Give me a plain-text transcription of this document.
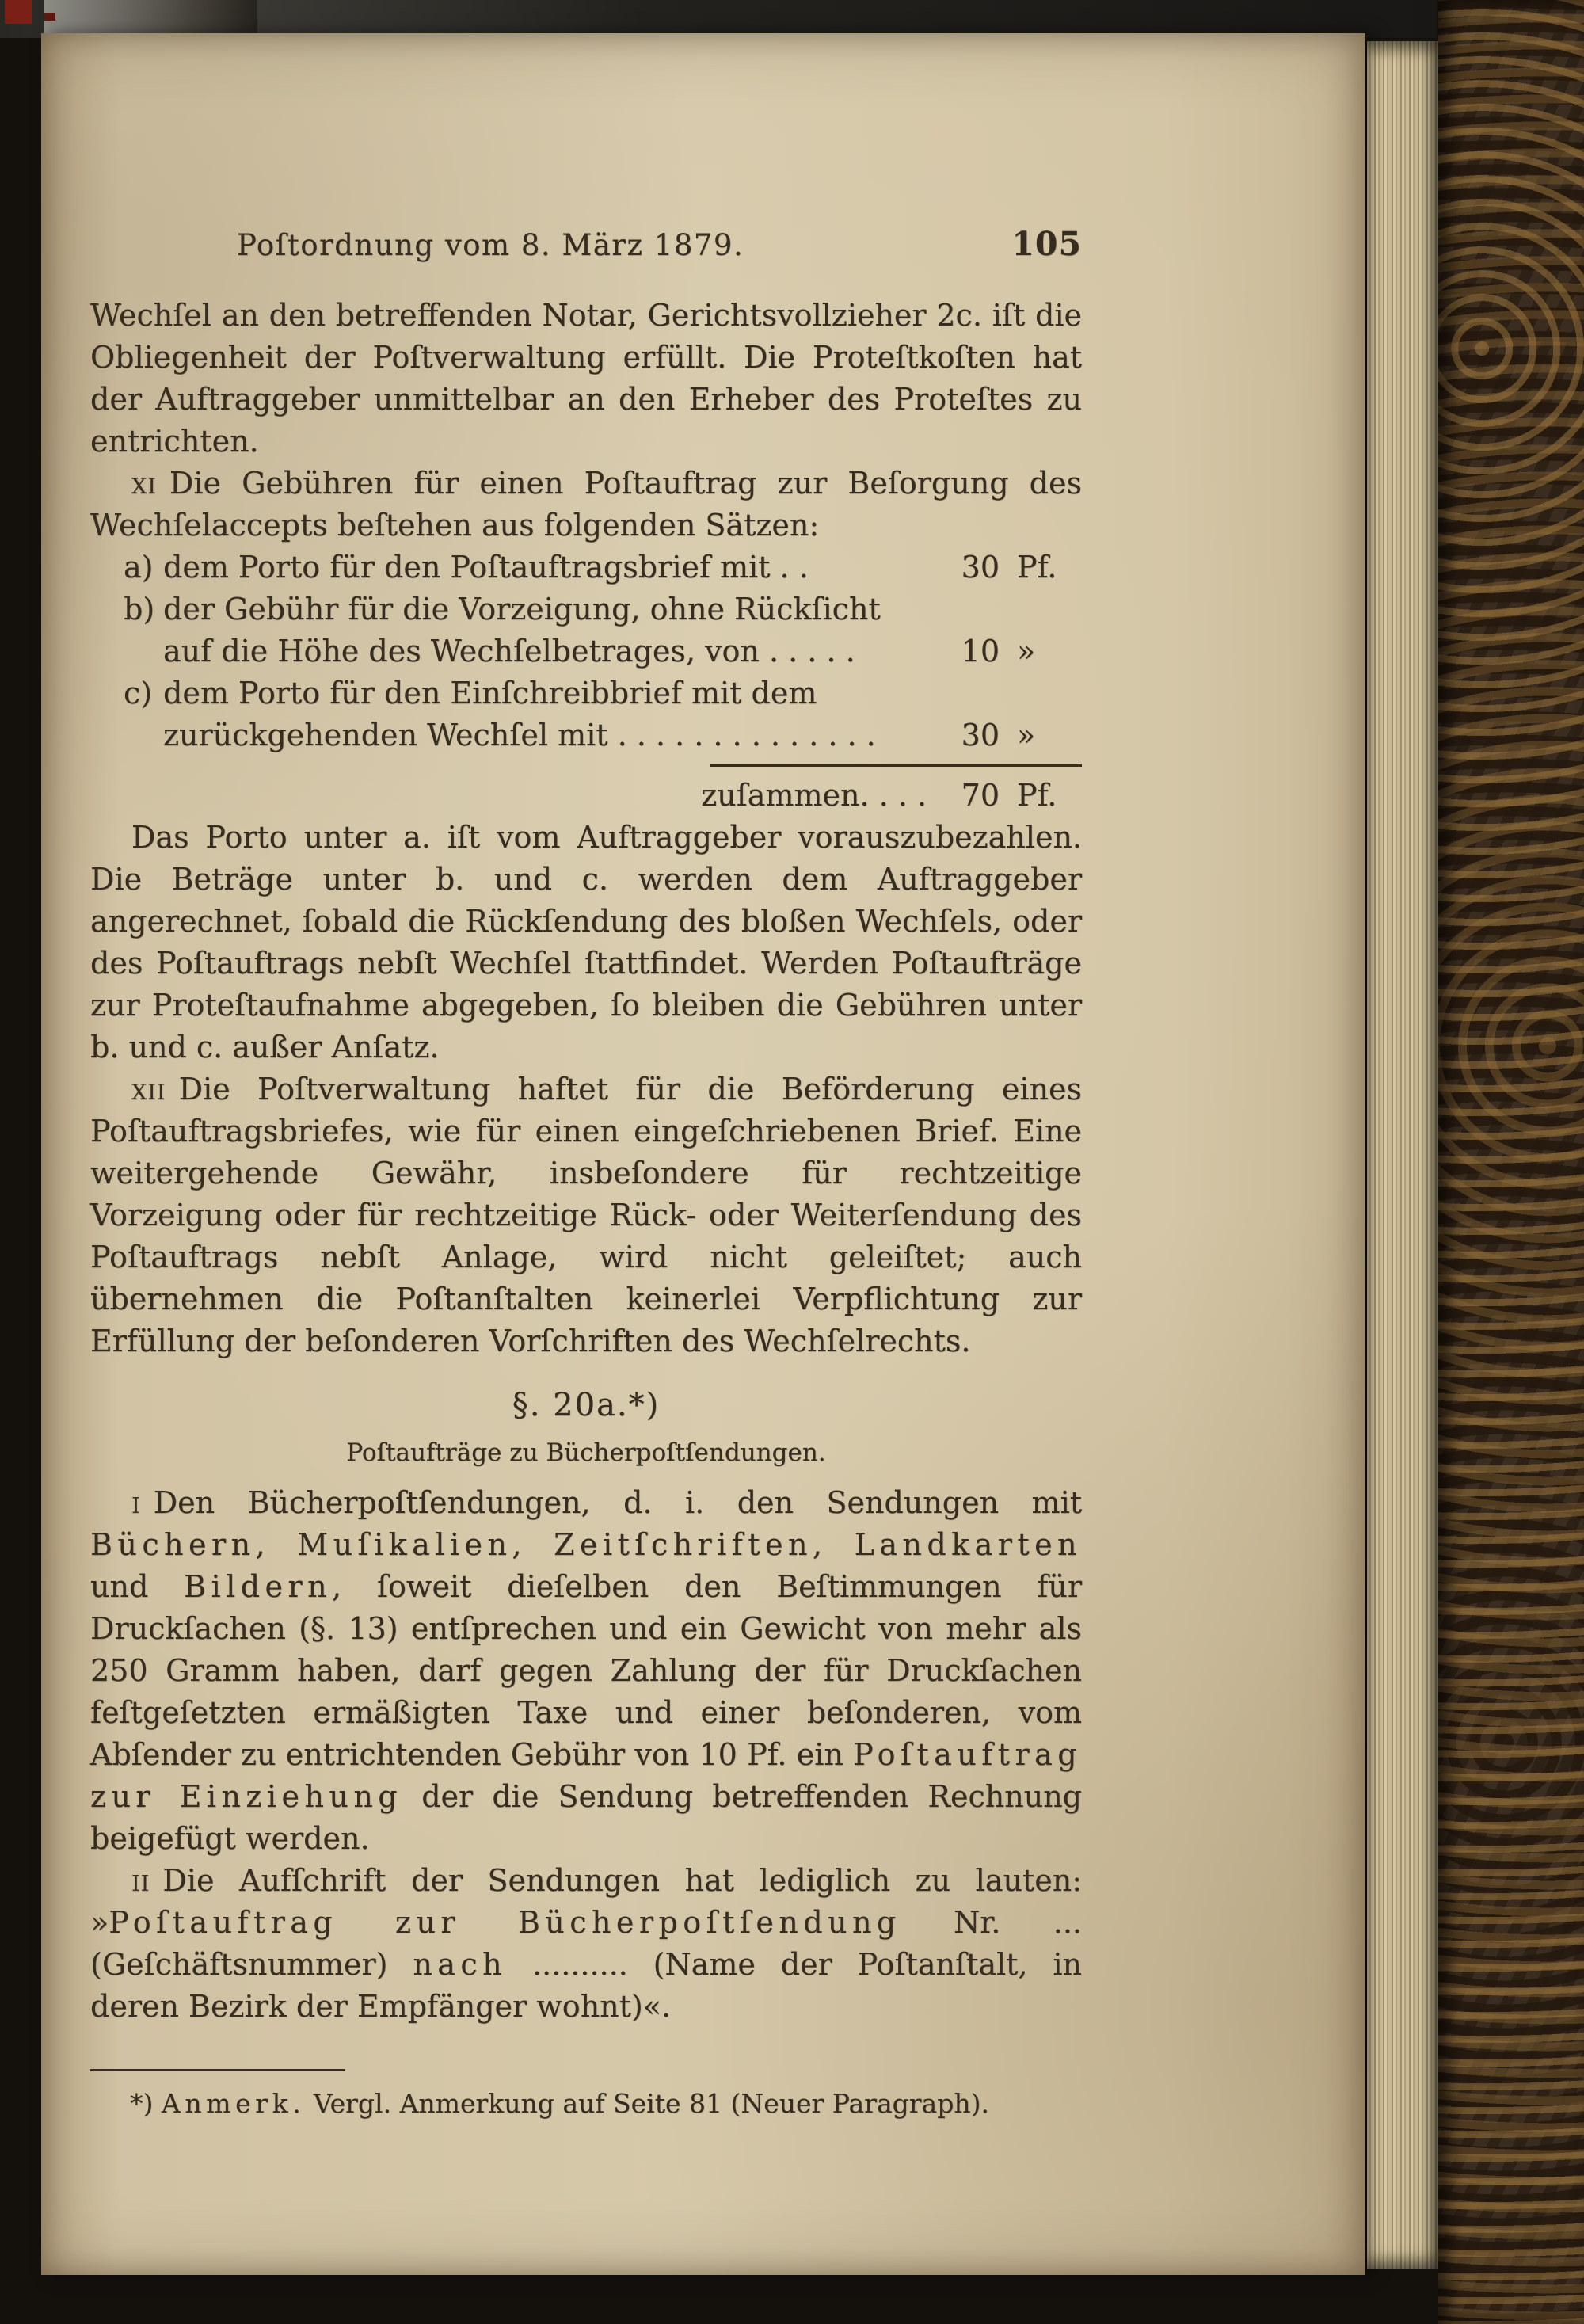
Poſtordnung vom 8. März 1879.	105

Wechſel an den betreffenden Notar, Gerichtsvollzieher 2c. iſt die Obliegenheit der Poſtverwaltung erfüllt. Die Proteſtkoſten hat der Auftraggeber unmittelbar an den Erheber des Proteſtes zu entrichten.

xi Die Gebühren für einen Poſtauftrag zur Beſorgung des Wechſelaccepts beſtehen aus folgenden Sätzen:

a) dem Porto für den Poſtauftragsbrief mit . .	30 Pf.
b) der Gebühr für die Vorzeigung, ohne Rückſicht
auf die Höhe des Wechſelbetrages, von . . . . .	10 »
c) dem Porto für den Einſchreibbrief mit dem
zurückgehenden Wechſel mit . . . . . . . . . . . . . .	30 »
zuſammen. . . .	70 Pf.

Das Porto unter a. iſt vom Auftraggeber vorauszubezahlen. Die Beträge unter b. und c. werden dem Auftraggeber angerechnet, ſobald die Rückſendung des bloßen Wechſels, oder des Poſtauftrags nebſt Wechſel ſtattfindet. Werden Poſtaufträge zur Proteſtaufnahme abgegeben, ſo bleiben die Gebühren unter b. und c. außer Anſatz.

xii Die Poſtverwaltung haftet für die Beförderung eines Poſtauftragsbriefes, wie für einen eingeſchriebenen Brief. Eine weitergehende Gewähr, insbeſondere für rechtzeitige Vorzeigung oder für rechtzeitige Rück- oder Weiterſendung des Poſtauftrags nebſt Anlage, wird nicht geleiſtet; auch übernehmen die Poſtanſtalten keinerlei Verpflichtung zur Erfüllung der beſonderen Vorſchriften des Wechſelrechts.

§. 20a.*)

Poſtaufträge zu Bücherpoſtſendungen.

i Den Bücherpoſtſendungen, d. i. den Sendungen mit Büchern, Muſikalien, Zeitſchriften, Landkarten und Bildern, ſoweit dieſelben den Beſtimmungen für Druckſachen (§. 13) entſprechen und ein Gewicht von mehr als 250 Gramm haben, darf gegen Zahlung der für Druckſachen feſtgeſetzten ermäßigten Taxe und einer beſonderen, vom Abſender zu entrichtenden Gebühr von 10 Pf. ein Poſtauftrag zur Einziehung der die Sendung betreffenden Rechnung beigefügt werden.

ii Die Aufſchrift der Sendungen hat lediglich zu lauten: »Poſtauftrag zur Bücherpoſtſendung Nr. ... (Geſchäftsnummer) nach .......... (Name der Poſtanſtalt, in deren Bezirk der Empfänger wohnt)«.

*) Anmerk. Vergl. Anmerkung auf Seite 81 (Neuer Paragraph).
